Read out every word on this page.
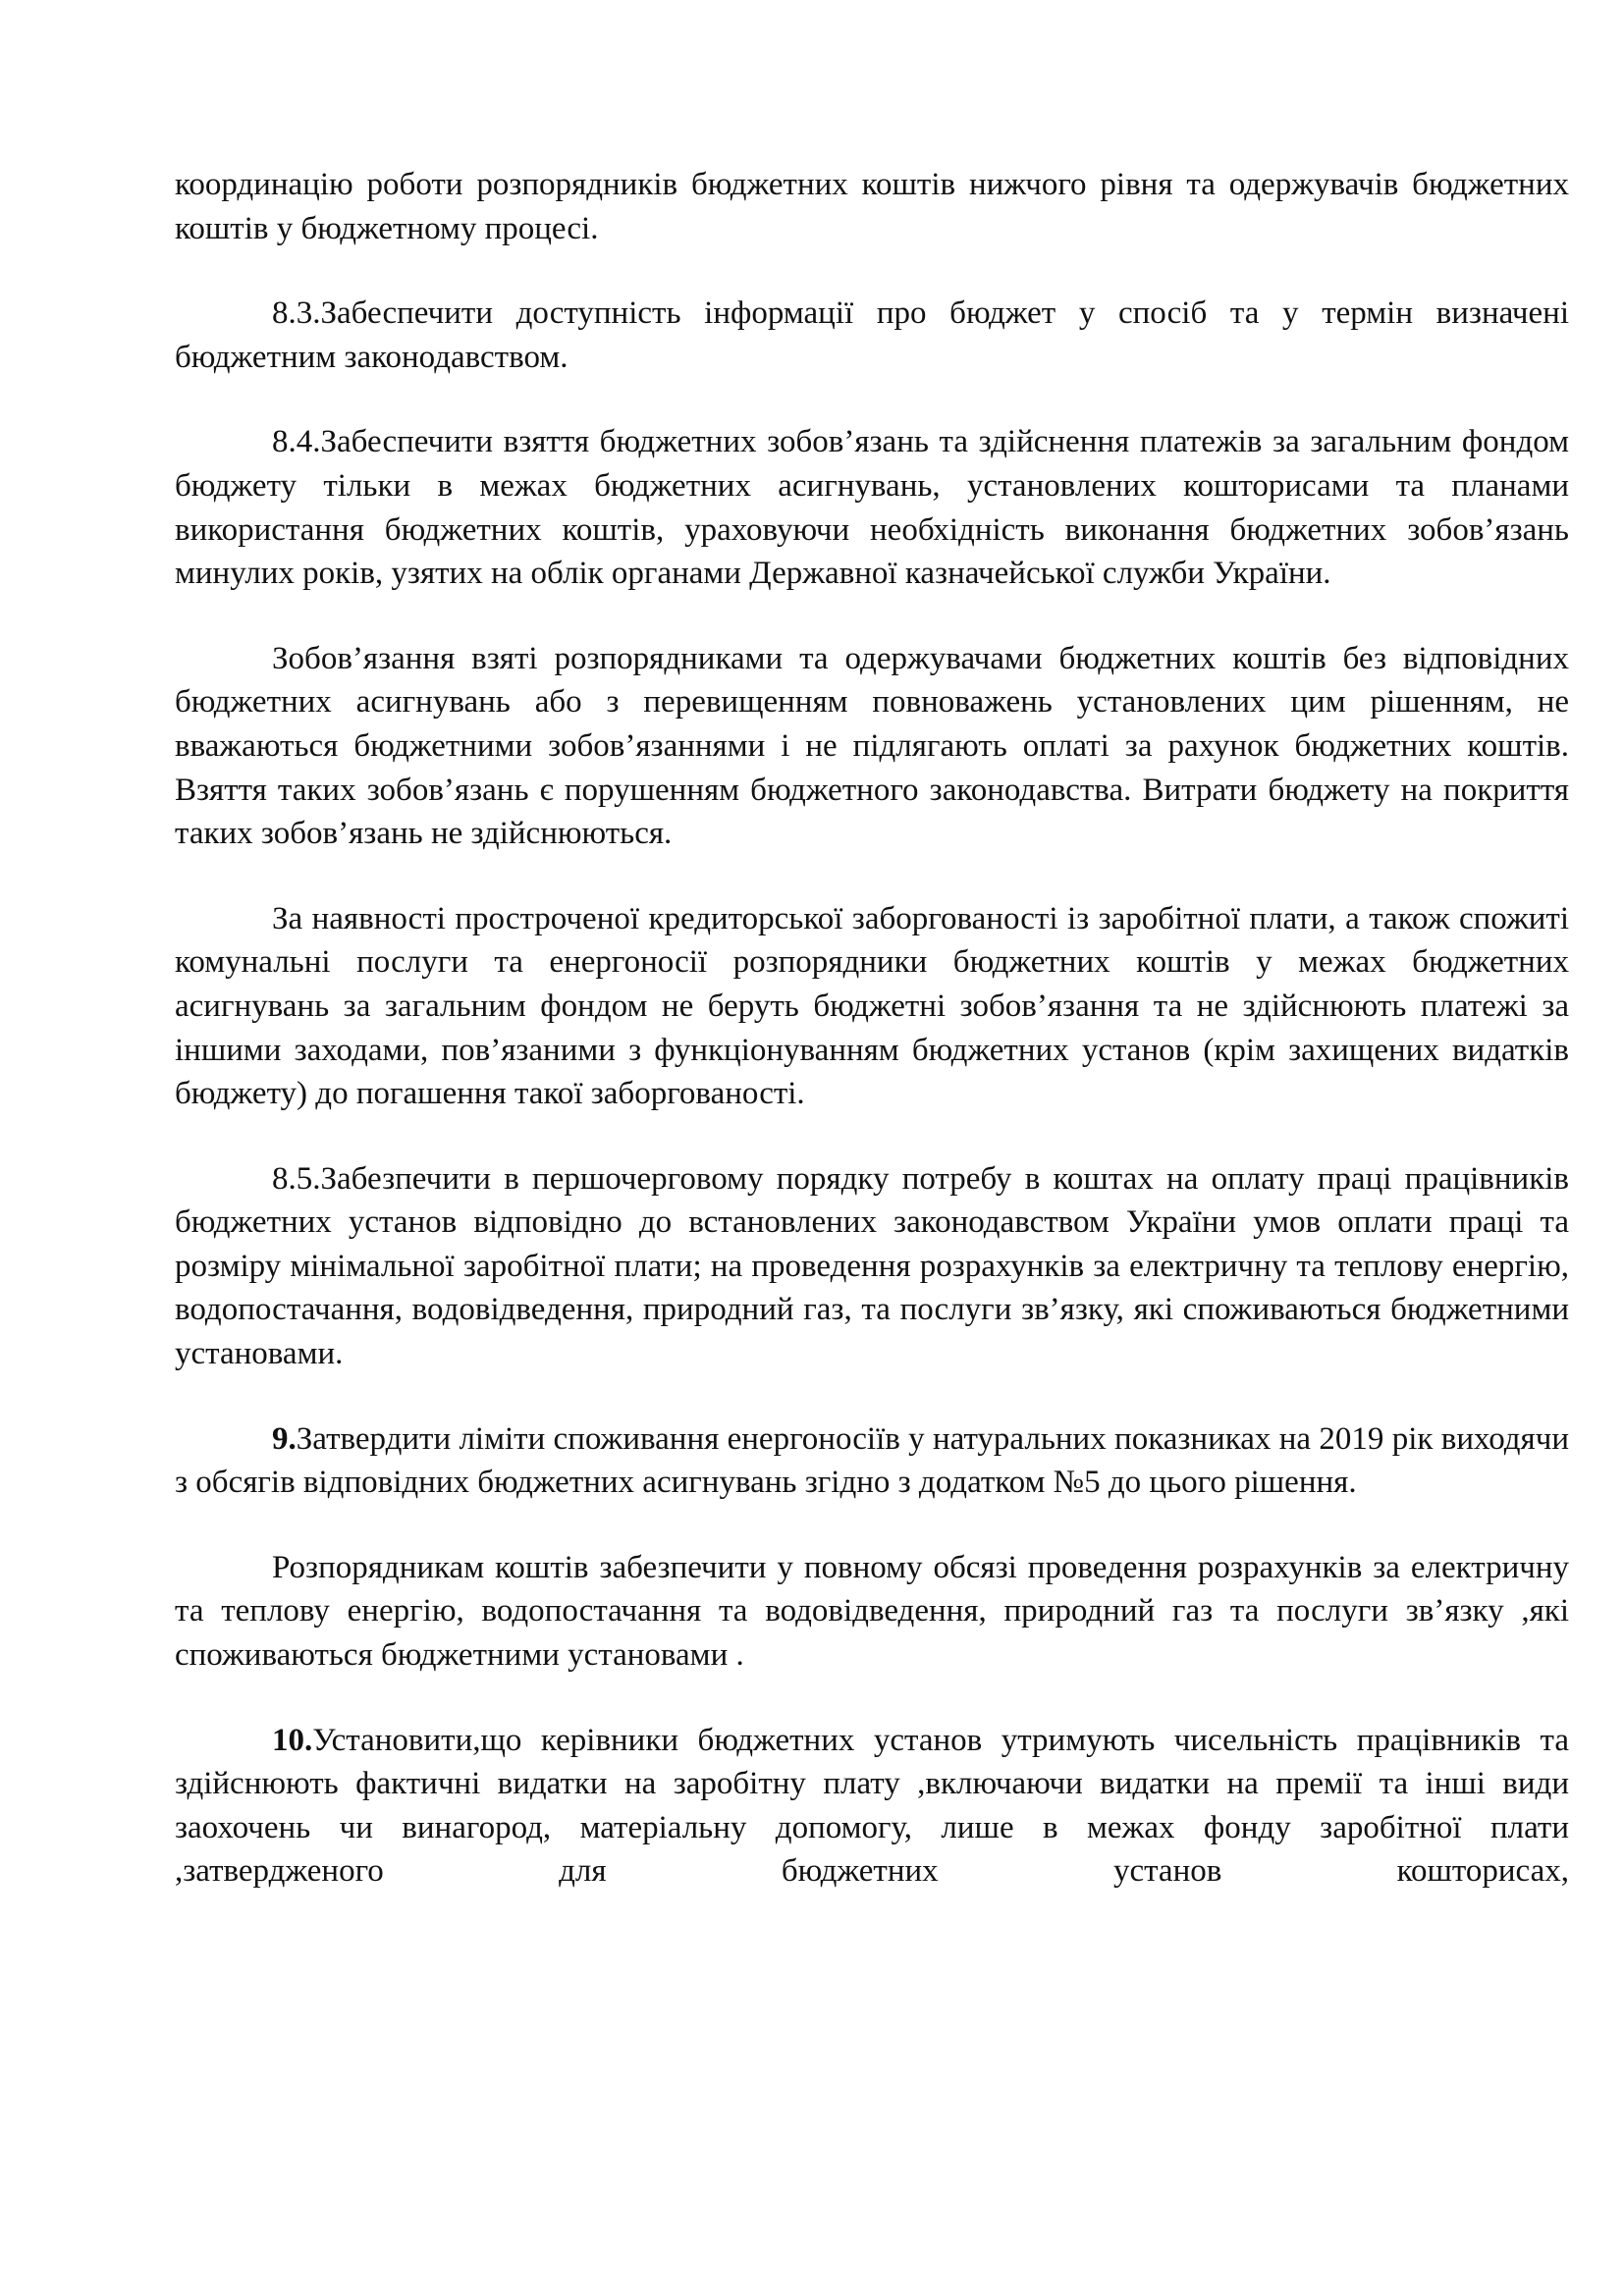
координацію роботи розпорядників бюджетних коштів нижчого рівня та одержувачів бюджетних коштів у бюджетному процесі.

8.3.Забеспечити доступність інформації про бюджет у спосіб та у термін визначені бюджетним законодавством.

8.4.Забеспечити взяття бюджетних зобов’язань та здійснення платежів за загальним фондом бюджету тільки в межах бюджетних асигнувань, установлених кошторисами та планами використання бюджетних коштів, ураховуючи необхідність виконання бюджетних зобов’язань минулих років, узятих на облік органами Державної казначейської служби України.

Зобов’язання взяті розпорядниками та одержувачами бюджетних коштів без відповідних бюджетних асигнувань або з перевищенням повноважень установлених цим рішенням, не вважаються бюджетними зобов’язаннями і не підлягають оплаті за рахунок бюджетних коштів. Взяття таких зобов’язань є порушенням бюджетного законодавства. Витрати бюджету на покриття таких зобов’язань не здійснюються.

За наявності простроченої кредиторської заборгованості із заробітної плати, а також спожиті комунальні послуги та енергоносії розпорядники бюджетних коштів у межах бюджетних асигнувань за загальним фондом не беруть бюджетні зобов’язання та не здійснюють платежі за іншими заходами, пов’язаними з функціонуванням бюджетних установ (крім захищених видатків бюджету) до погашення такої заборгованості.

8.5.Забезпечити в першочерговому порядку потребу в коштах на оплату праці працівників бюджетних установ відповідно до встановлених законодавством України умов оплати праці та розміру мінімальної заробітної плати; на проведення розрахунків за електричну та теплову енергію, водопостачання, водовідведення, природний газ, та послуги зв’язку, які споживаються бюджетними установами.

9.Затвердити ліміти споживання енергоносіїв у натуральних показниках на 2019 рік виходячи з обсягів відповідних бюджетних асигнувань згідно з додатком №5 до цього рішення.

Розпорядникам коштів забезпечити у повному обсязі проведення розрахунків за електричну та теплову енергію, водопостачання та водовідведення, природний газ та послуги зв’язку ,які споживаються бюджетними установами .

10.Установити,що керівники бюджетних установ утримують чисельність працівників та здійснюють фактичні видатки на заробітну плату ,включаючи видатки на премії та інші види заохочень чи винагород, матеріальну допомогу, лише в межах фонду заробітної плати ,затвердженого для бюджетних установ кошторисах,
